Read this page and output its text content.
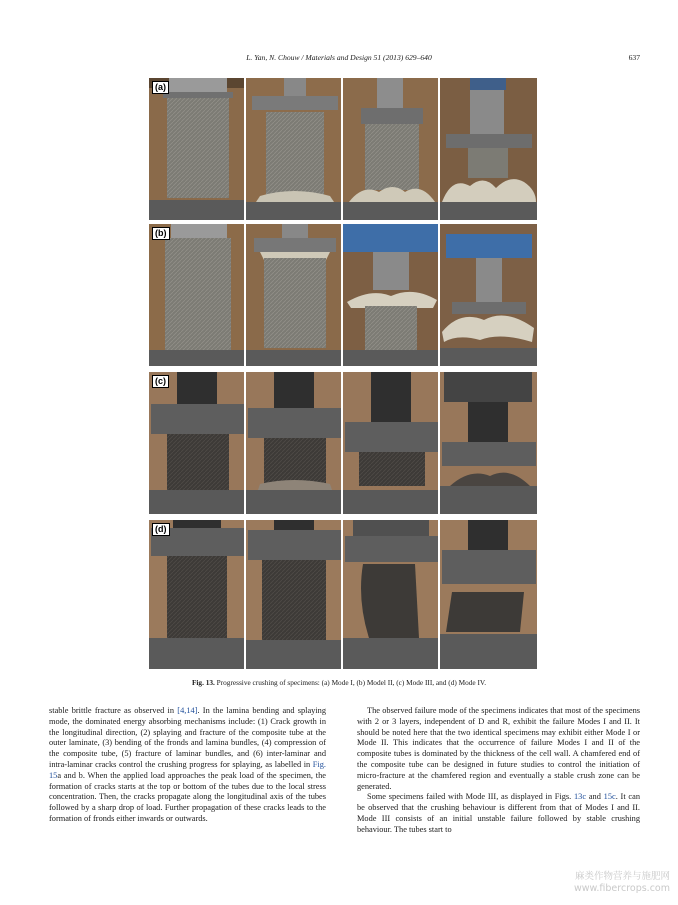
L. Yan, N. Chouw / Materials and Design 51 (2013) 629–640	637
(a)
(b)
(c)
(d)
Fig. 13. Progressive crushing of specimens: (a) Mode I, (b) Model II, (c) Mode III, and (d) Mode IV.

stable brittle fracture as observed in [4,14]. In the lamina bending and splaying mode, the dominated energy absorbing mechanisms include: (1) Crack growth in the longitudinal direction, (2) splaying and fracture of the composite tube at the outer laminate, (3) bending of the fronds and lamina bundles, (4) compression of the composite tube, (5) fracture of laminar bundles, and (6) inter-laminar and intra-laminar cracks control the crushing progress for splaying, as labelled in Fig. 15a and b. When the applied load approaches the peak load of the specimen, the formation of cracks starts at the top or bottom of the tubes due to the local stress concentration. Then, the cracks propagate along the longitudinal axis of the tubes followed by a sharp drop of load. Further propagation of these cracks leads to the formation of fronds either inwards or outwards.

The observed failure mode of the specimens indicates that most of the specimens with 2 or 3 layers, independent of D and R, exhibit the failure Modes I and II. It should be noted here that the two identical specimens may exhibit either Mode I or Mode II. This indicates that the occurrence of failure Modes I and II of the composite tubes is dominated by the thickness of the cell wall. A chamfered end of the composite tube can be designed in future studies to control the initiation of micro-fracture at the chamfered region and eventually a stable crush zone can be generated.

Some specimens failed with Mode III, as displayed in Figs. 13c and 15c. It can be observed that the crushing behaviour is different from that of Modes I and II. Mode III consists of an initial unstable failure followed by stable crushing behaviour. The tubes start to

麻类作物营养与施肥网
www.fibercrops.com
